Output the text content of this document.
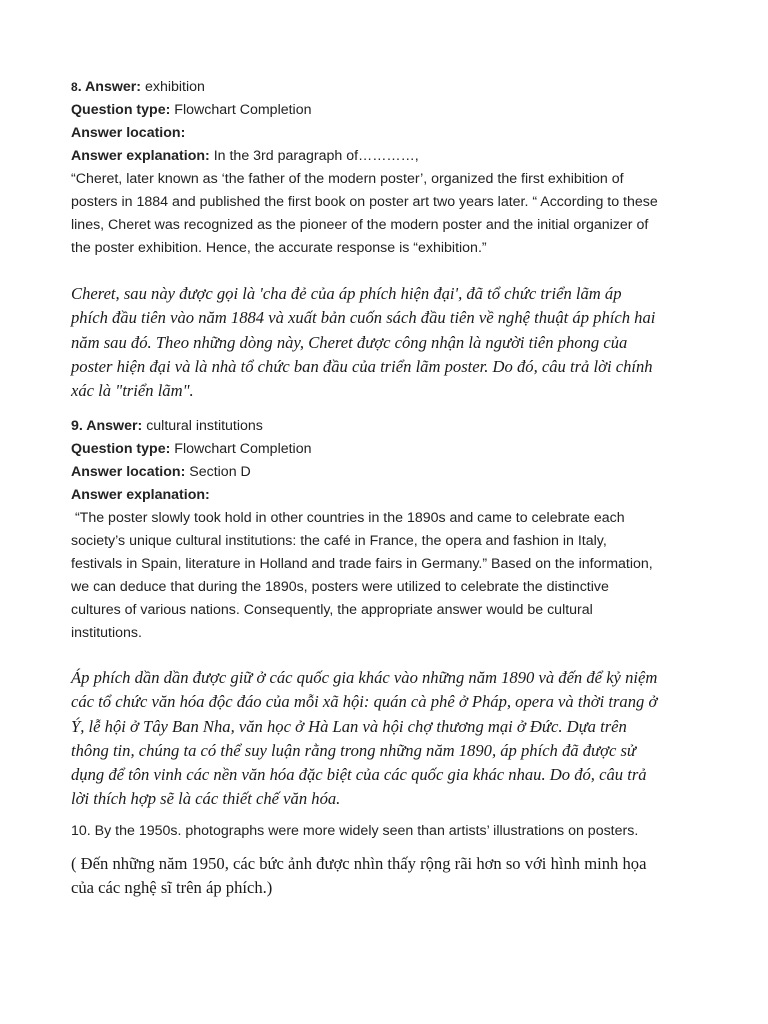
8. Answer: exhibition
Question type: Flowchart Completion
Answer location:
Answer explanation: In the 3rd paragraph of…………,
“Cheret, later known as ‘the father of the modern poster’, organized the first exhibition of
posters in 1884 and published the first book on poster art two years later. “ According to these
lines, Cheret was recognized as the pioneer of the modern poster and the initial organizer of
the poster exhibition. Hence, the accurate response is “exhibition.”
Cheret, sau này được gọi là 'cha đẻ của áp phích hiện đại', đã tổ chức triển lãm áp
phích đầu tiên vào năm 1884 và xuất bản cuốn sách đầu tiên về nghệ thuật áp phích hai
năm sau đó. Theo những dòng này, Cheret được công nhận là người tiên phong của
poster hiện đại và là nhà tổ chức ban đầu của triển lãm poster. Do đó, câu trả lời chính
xác là "triển lãm".
9. Answer: cultural institutions
Question type: Flowchart Completion
Answer location: Section D
Answer explanation:
“The poster slowly took hold in other countries in the 1890s and came to celebrate each
society’s unique cultural institutions: the café in France, the opera and fashion in Italy,
festivals in Spain, literature in Holland and trade fairs in Germany.” Based on the information,
we can deduce that during the 1890s, posters were utilized to celebrate the distinctive
cultures of various nations. Consequently, the appropriate answer would be cultural
institutions.
Áp phích dần dần được giữ ở các quốc gia khác vào những năm 1890 và đến để kỷ niệm
các tổ chức văn hóa độc đáo của mỗi xã hội: quán cà phê ở Pháp, opera và thời trang ở
Ý, lễ hội ở Tây Ban Nha, văn học ở Hà Lan và hội chợ thương mại ở Đức. Dựa trên
thông tin, chúng ta có thể suy luận rằng trong những năm 1890, áp phích đã được sử
dụng để tôn vinh các nền văn hóa đặc biệt của các quốc gia khác nhau. Do đó, câu trả
lời thích hợp sẽ là các thiết chế văn hóa.
10. By the 1950s. photographs were more widely seen than artists’ illustrations on posters.
( Đến những năm 1950, các bức ảnh được nhìn thấy rộng rãi hơn so với hình minh họa
của các nghệ sĩ trên áp phích.)
